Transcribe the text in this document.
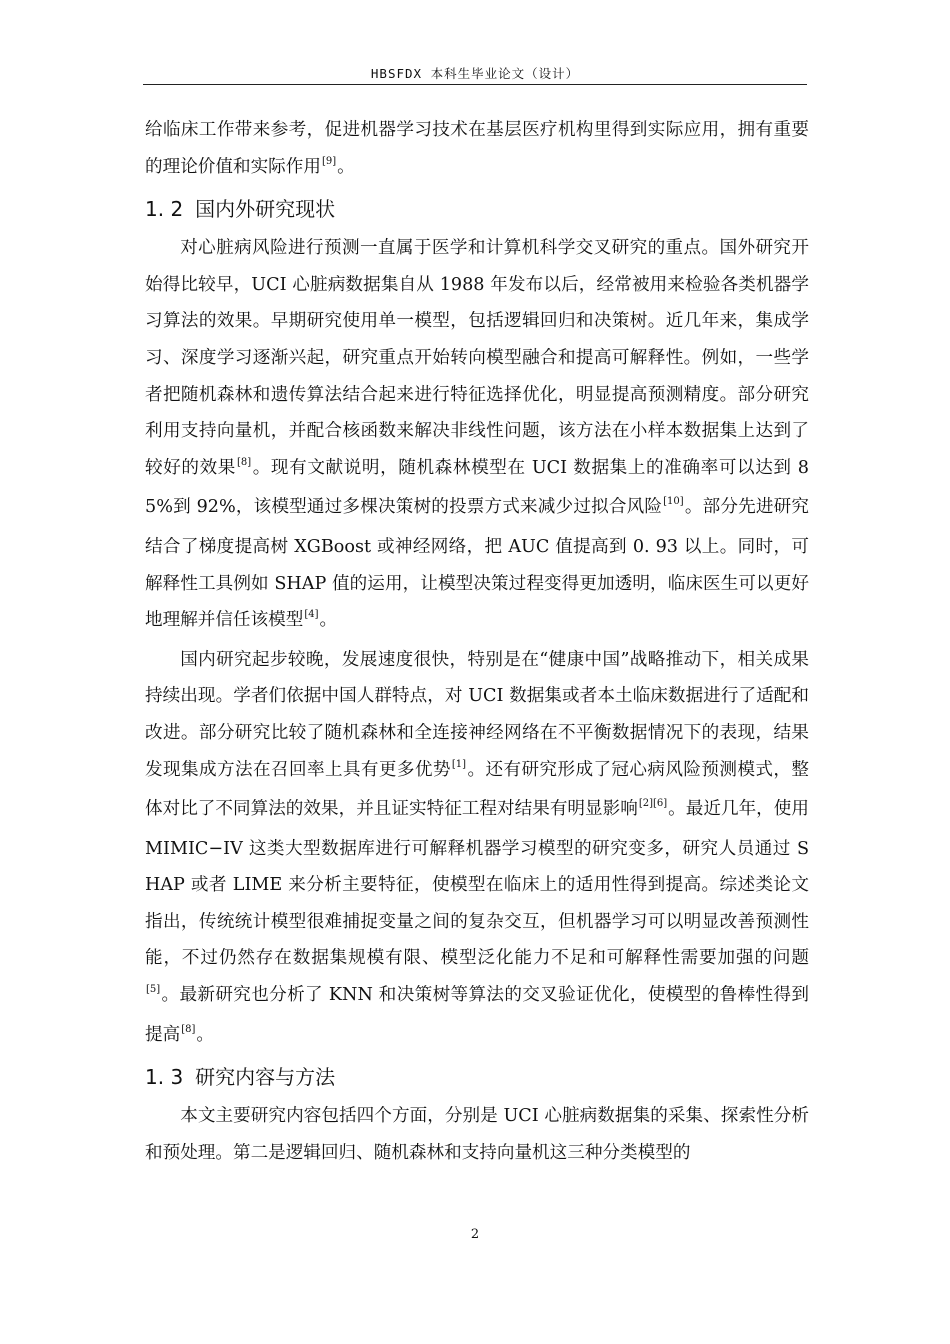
HBSFDX 本科生毕业论文（设计）

给临床工作带来参考，促进机器学习技术在基层医疗机构里得到实际应用，拥有重要的理论价值和实际作用[9]。

1. 2 国内外研究现状

对心脏病风险进行预测一直属于医学和计算机科学交叉研究的重点。国外研究开始得比较早，UCI 心脏病数据集自从 1988 年发布以后，经常被用来检验各类机器学习算法的效果。早期研究使用单一模型，包括逻辑回归和决策树。近几年来，集成学习、深度学习逐渐兴起，研究重点开始转向模型融合和提高可解释性。例如，一些学者把随机森林和遗传算法结合起来进行特征选择优化，明显提高预测精度。部分研究利用支持向量机，并配合核函数来解决非线性问题，该方法在小样本数据集上达到了较好的效果[8]。现有文献说明，随机森林模型在 UCI 数据集上的准确率可以达到 85%到 92%，该模型通过多棵决策树的投票方式来减少过拟合风险[10]。部分先进研究结合了梯度提高树 XGBoost 或神经网络，把 AUC 值提高到 0. 93 以上。同时，可解释性工具例如 SHAP 值的运用，让模型决策过程变得更加透明，临床医生可以更好地理解并信任该模型[4]。

国内研究起步较晚，发展速度很快，特别是在“健康中国”战略推动下，相关成果持续出现。学者们依据中国人群特点，对 UCI 数据集或者本土临床数据进行了适配和改进。部分研究比较了随机森林和全连接神经网络在不平衡数据情况下的表现，结果发现集成方法在召回率上具有更多优势[1]。还有研究形成了冠心病风险预测模式，整体对比了不同算法的效果，并且证实特征工程对结果有明显影响[2][6]。最近几年，使用 MIMIC−IV 这类大型数据库进行可解释机器学习模型的研究变多，研究人员通过 SHAP 或者 LIME 来分析主要特征，使模型在临床上的适用性得到提高。综述类论文指出，传统统计模型很难捕捉变量之间的复杂交互，但机器学习可以明显改善预测性能，不过仍然存在数据集规模有限、模型泛化能力不足和可解释性需要加强的问题[5]。最新研究也分析了 KNN 和决策树等算法的交叉验证优化，使模型的鲁棒性得到提高[8]。

1. 3 研究内容与方法

本文主要研究内容包括四个方面，分别是 UCI 心脏病数据集的采集、探索性分析和预处理。第二是逻辑回归、随机森林和支持向量机这三种分类模型的

2
